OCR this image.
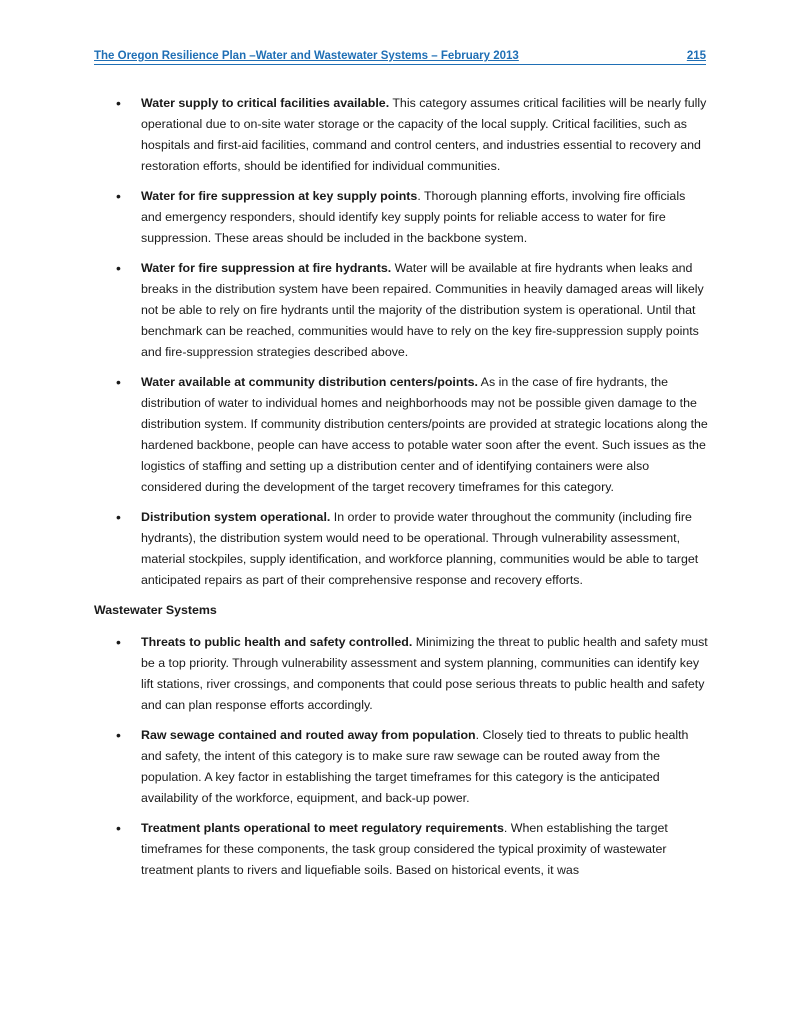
The Oregon Resilience Plan –Water and Wastewater Systems – February 2013	215
• Water supply to critical facilities available. This category assumes critical facilities will be nearly fully operational due to on-site water storage or the capacity of the local supply. Critical facilities, such as hospitals and first-aid facilities, command and control centers, and industries essential to recovery and restoration efforts, should be identified for individual communities.
• Water for fire suppression at key supply points. Thorough planning efforts, involving fire officials and emergency responders, should identify key supply points for reliable access to water for fire suppression. These areas should be included in the backbone system.
• Water for fire suppression at fire hydrants. Water will be available at fire hydrants when leaks and breaks in the distribution system have been repaired. Communities in heavily damaged areas will likely not be able to rely on fire hydrants until the majority of the distribution system is operational. Until that benchmark can be reached, communities would have to rely on the key fire-suppression supply points and fire-suppression strategies described above.
• Water available at community distribution centers/points. As in the case of fire hydrants, the distribution of water to individual homes and neighborhoods may not be possible given damage to the distribution system. If community distribution centers/points are provided at strategic locations along the hardened backbone, people can have access to potable water soon after the event. Such issues as the logistics of staffing and setting up a distribution center and of identifying containers were also considered during the development of the target recovery timeframes for this category.
• Distribution system operational. In order to provide water throughout the community (including fire hydrants), the distribution system would need to be operational. Through vulnerability assessment, material stockpiles, supply identification, and workforce planning, communities would be able to target anticipated repairs as part of their comprehensive response and recovery efforts.
Wastewater Systems
• Threats to public health and safety controlled. Minimizing the threat to public health and safety must be a top priority. Through vulnerability assessment and system planning, communities can identify key lift stations, river crossings, and components that could pose serious threats to public health and safety and can plan response efforts accordingly.
• Raw sewage contained and routed away from population. Closely tied to threats to public health and safety, the intent of this category is to make sure raw sewage can be routed away from the population. A key factor in establishing the target timeframes for this category is the anticipated availability of the workforce, equipment, and back-up power.
• Treatment plants operational to meet regulatory requirements. When establishing the target timeframes for these components, the task group considered the typical proximity of wastewater treatment plants to rivers and liquefiable soils. Based on historical events, it was
